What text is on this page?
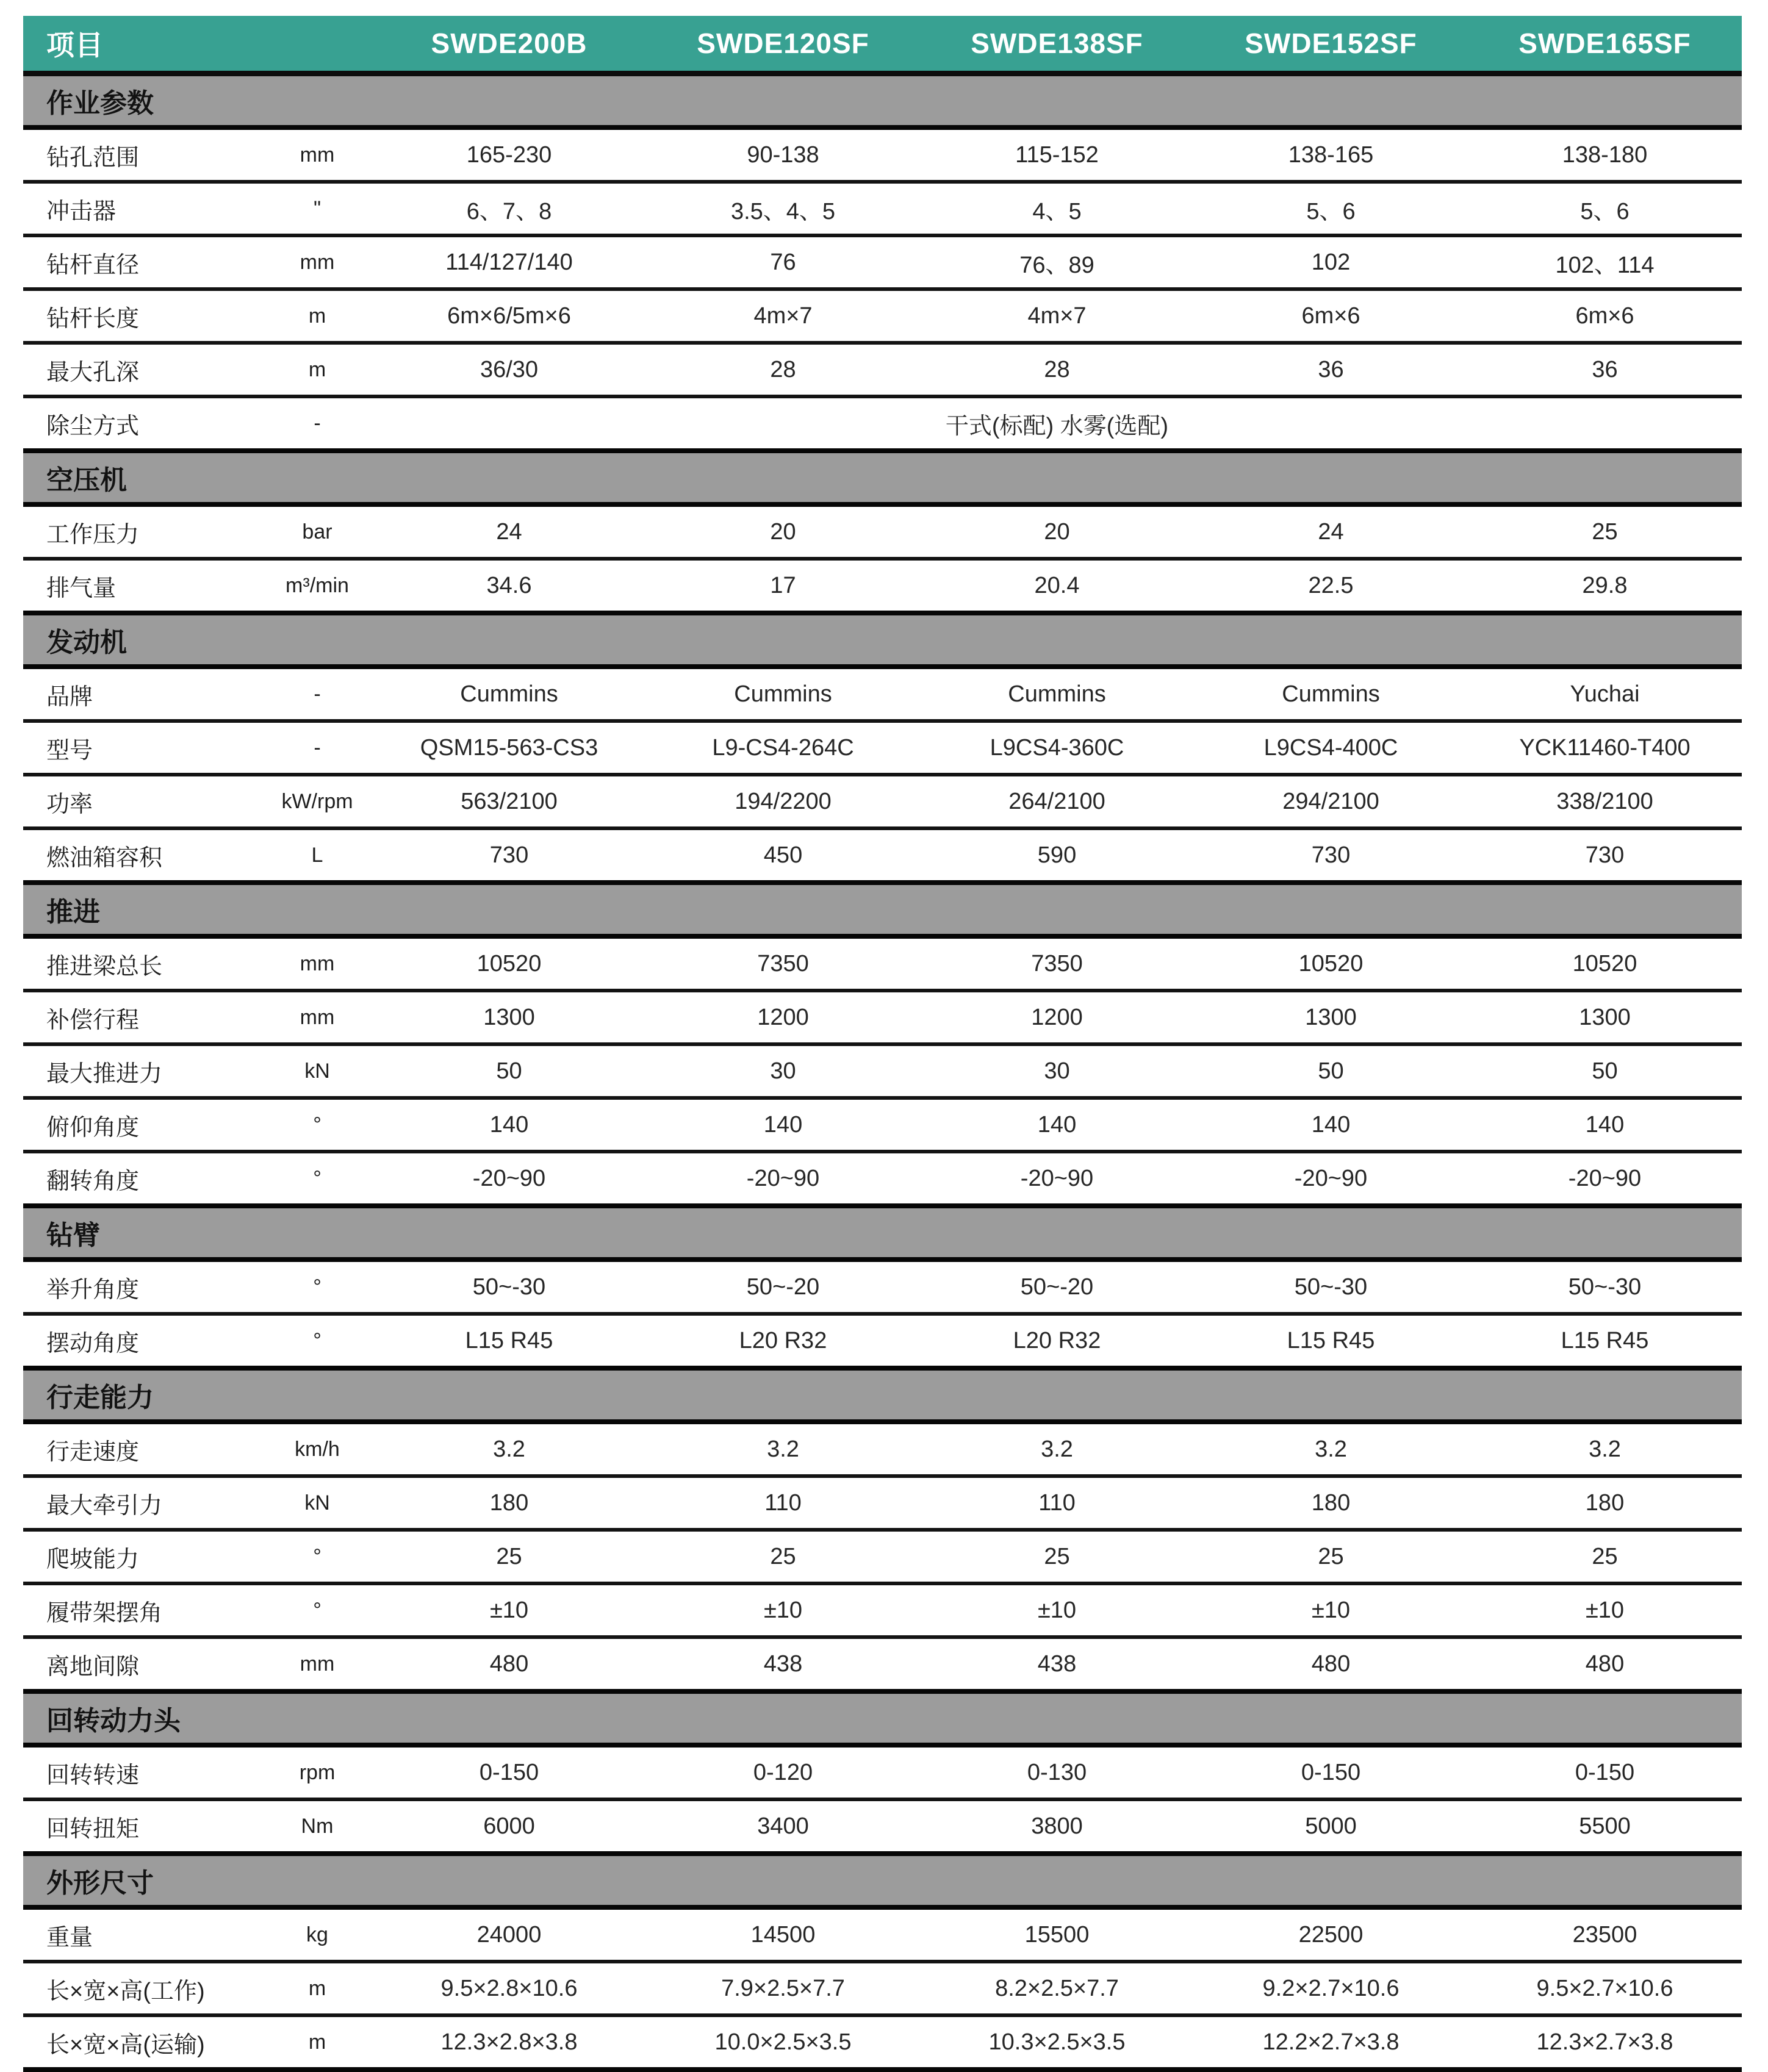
项目		SWDE200B	SWDE120SF	SWDE138SF	SWDE152SF	SWDE165SF
作业参数						
钻孔范围	mm	165-230	90-138	115-152	138-165	138-180
冲击器	"	6、7、8	3.5、4、5	4、5	5、6	5、6
钻杆直径	mm	114/127/140	76	76、89	102	102、114
钻杆长度	m	6m×6/5m×6	4m×7	4m×7	6m×6	6m×6
最大孔深	m	36/30	28	28	36	36
除尘方式	-	干式(标配) 水雾(选配)				
空压机						
工作压力	bar	24	20	20	24	25
排气量	m³/min	34.6	17	20.4	22.5	29.8
发动机						
品牌	-	Cummins	Cummins	Cummins	Cummins	Yuchai
型号	-	QSM15-563-CS3	L9-CS4-264C	L9CS4-360C	L9CS4-400C	YCK11460-T400
功率	kW/rpm	563/2100	194/2200	264/2100	294/2100	338/2100
燃油箱容积	L	730	450	590	730	730
推进						
推进梁总长	mm	10520	7350	7350	10520	10520
补偿行程	mm	1300	1200	1200	1300	1300
最大推进力	kN	50	30	30	50	50
俯仰角度	°	140	140	140	140	140
翻转角度	°	-20~90	-20~90	-20~90	-20~90	-20~90
钻臂						
举升角度	°	50~-30	50~-20	50~-20	50~-30	50~-30
摆动角度	°	L15 R45	L20 R32	L20 R32	L15 R45	L15 R45
行走能力						
行走速度	km/h	3.2	3.2	3.2	3.2	3.2
最大牵引力	kN	180	110	110	180	180
爬坡能力	°	25	25	25	25	25
履带架摆角	°	±10	±10	±10	±10	±10
离地间隙	mm	480	438	438	480	480
回转动力头						
回转转速	rpm	0-150	0-120	0-130	0-150	0-150
回转扭矩	Nm	6000	3400	3800	5000	5500
外形尺寸						
重量	kg	24000	14500	15500	22500	23500
长×宽×高(工作)	m	9.5×2.8×10.6	7.9×2.5×7.7	8.2×2.5×7.7	9.2×2.7×10.6	9.5×2.7×10.6
长×宽×高(运输)	m	12.3×2.8×3.8	10.0×2.5×3.5	10.3×2.5×3.5	12.2×2.7×3.8	12.3×2.7×3.8
